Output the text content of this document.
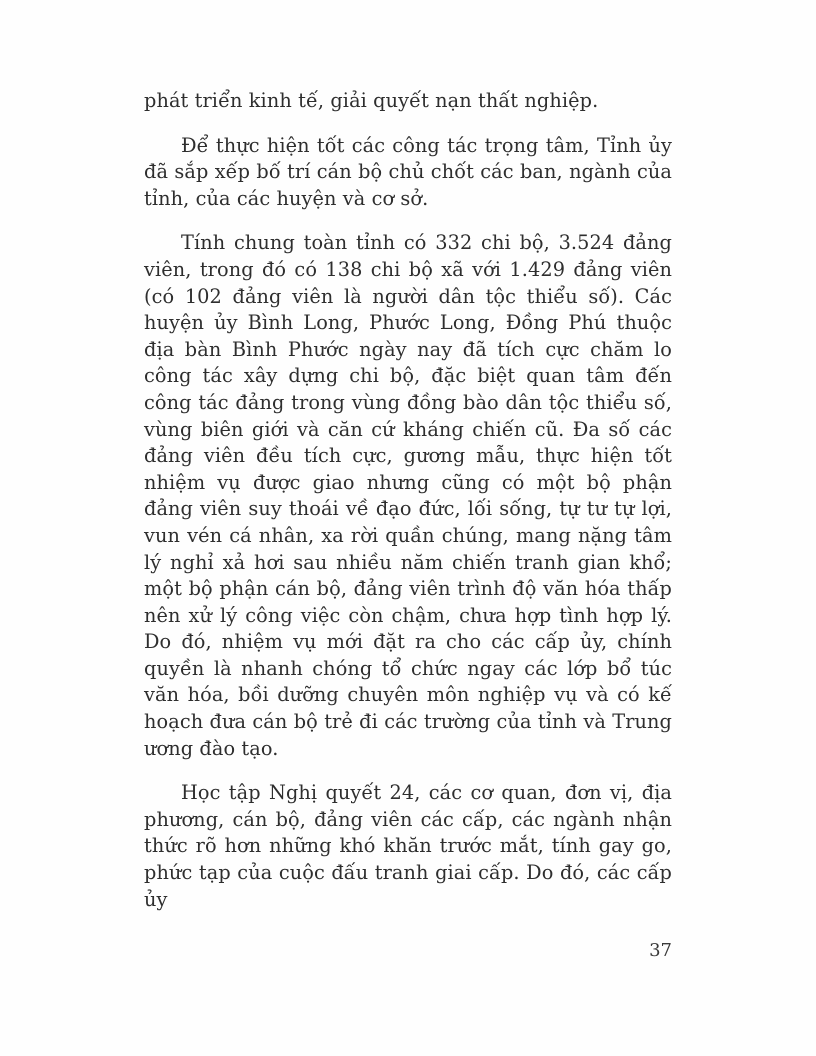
phát triển kinh tế, giải quyết nạn thất nghiệp.

Để thực hiện tốt các công tác trọng tâm, Tỉnh ủy đã sắp xếp bố trí cán bộ chủ chốt các ban, ngành của tỉnh, của các huyện và cơ sở.

Tính chung toàn tỉnh có 332 chi bộ, 3.524 đảng viên, trong đó có 138 chi bộ xã với 1.429 đảng viên (có 102 đảng viên là người dân tộc thiểu số). Các huyện ủy Bình Long, Phước Long, Đồng Phú thuộc địa bàn Bình Phước ngày nay đã tích cực chăm lo công tác xây dựng chi bộ, đặc biệt quan tâm đến công tác đảng trong vùng đồng bào dân tộc thiểu số, vùng biên giới và căn cứ kháng chiến cũ. Đa số các đảng viên đều tích cực, gương mẫu, thực hiện tốt nhiệm vụ được giao nhưng cũng có một bộ phận đảng viên suy thoái về đạo đức, lối sống, tự tư tự lợi, vun vén cá nhân, xa rời quần chúng, mang nặng tâm lý nghỉ xả hơi sau nhiều năm chiến tranh gian khổ; một bộ phận cán bộ, đảng viên trình độ văn hóa thấp nên xử lý công việc còn chậm, chưa hợp tình hợp lý. Do đó, nhiệm vụ mới đặt ra cho các cấp ủy, chính quyền là nhanh chóng tổ chức ngay các lớp bổ túc văn hóa, bồi dưỡng chuyên môn nghiệp vụ và có kế hoạch đưa cán bộ trẻ đi các trường của tỉnh và Trung ương đào tạo.

Học tập Nghị quyết 24, các cơ quan, đơn vị, địa phương, cán bộ, đảng viên các cấp, các ngành nhận thức rõ hơn những khó khăn trước mắt, tính gay go, phức tạp của cuộc đấu tranh giai cấp. Do đó, các cấp ủy

37
